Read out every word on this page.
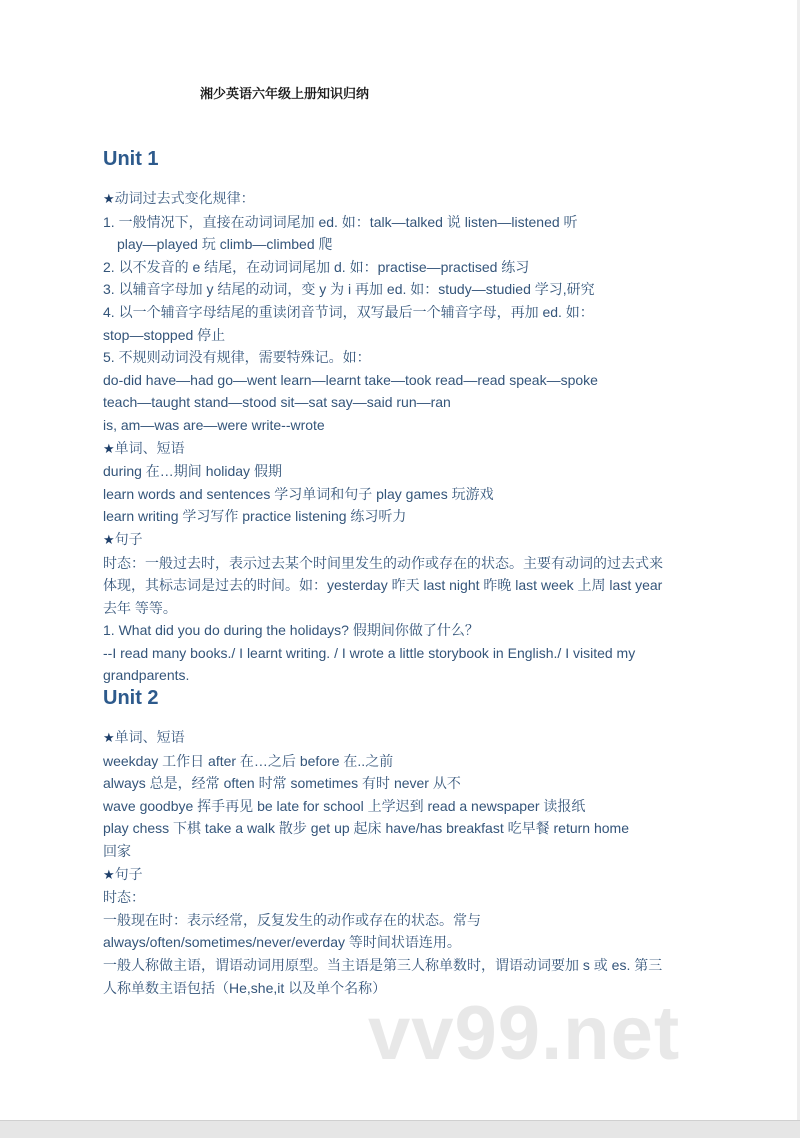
湘少英语六年级上册知识归纳
Unit 1
★动词过去式变化规律：
1. 一般情况下，直接在动词词尾加 ed. 如：talk—talked 说 listen—listened 听
play—played 玩 climb—climbed 爬
2. 以不发音的 e 结尾，在动词词尾加 d. 如：practise—practised 练习
3. 以辅音字母加 y 结尾的动词，变 y 为 i 再加 ed. 如：study—studied 学习,研究
4. 以一个辅音字母结尾的重读闭音节词，双写最后一个辅音字母，再加 ed. 如：
stop—stopped 停止
5. 不规则动词没有规律，需要特殊记。如：
do-did have—had go—went learn—learnt take—took read—read speak—spoke
teach—taught stand—stood sit—sat say—said run—ran
is, am—was are—were write--wrote
★单词、短语
during 在…期间 holiday 假期
learn words and sentences 学习单词和句子 play games 玩游戏
learn writing 学习写作 practice listening 练习听力
★句子
时态：一般过去时，表示过去某个时间里发生的动作或存在的状态。主要有动词的过去式来
体现，其标志词是过去的时间。如：yesterday 昨天 last night 昨晚 last week 上周 last year
去年 等等。
1. What did you do during the holidays? 假期间你做了什么？
--I read many books./ I learnt writing. / I wrote a little storybook in English./ I visited my
grandparents.
Unit 2
★单词、短语
weekday 工作日 after 在…之后 before 在..之前
always 总是，经常 often 时常 sometimes 有时 never 从不
wave goodbye 挥手再见 be late for school 上学迟到 read a newspaper 读报纸
play chess 下棋 take a walk 散步 get up 起床 have/has breakfast 吃早餐 return home
回家
★句子
时态：
一般现在时：表示经常，反复发生的动作或存在的状态。常与
always/often/sometimes/never/everday 等时间状语连用。
一般人称做主语，谓语动词用原型。当主语是第三人称单数时，谓语动词要加 s 或 es. 第三
人称单数主语包括（He,she,it 以及单个名称）
vv99.net
